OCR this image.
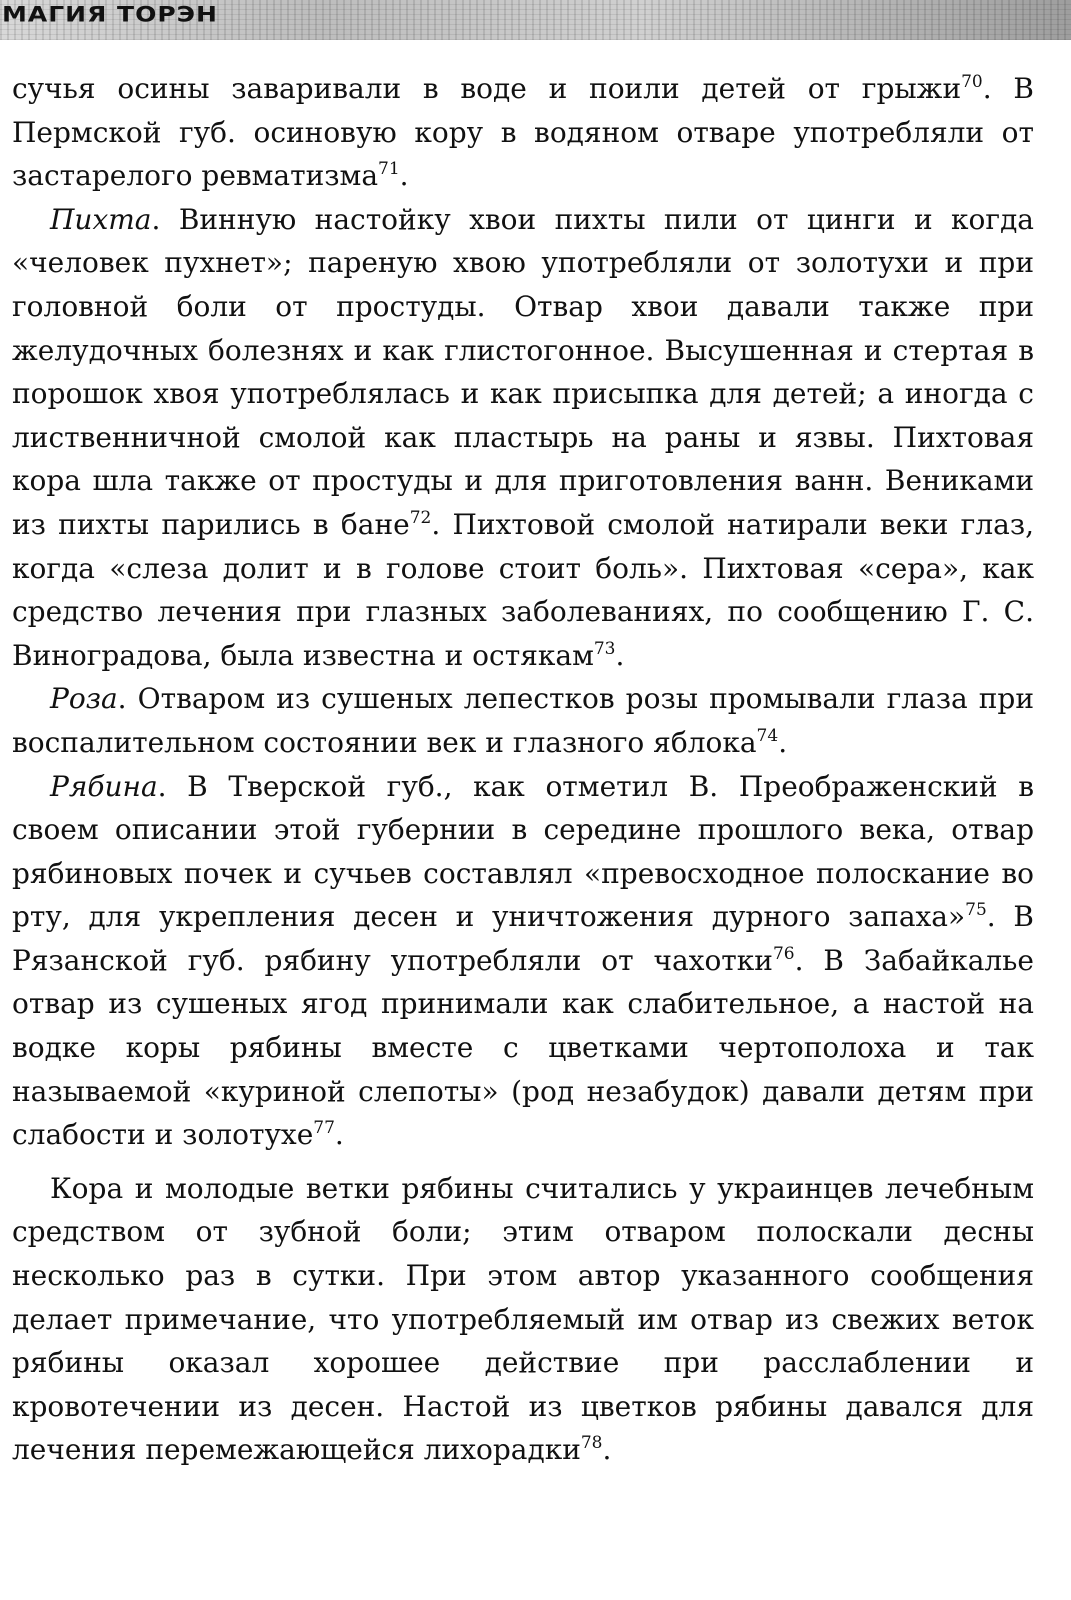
МАГИЯ ТОРЭН

сучья осины заваривали в воде и поили детей от грыжи$^{70}$. В Пермской губ. осиновую кору в водяном отваре употребляли от застарелого ревматизма$^{71}$.

Пихта. Винную настойку хвои пихты пили от цинги и когда «человек пухнет»; пареную хвою употребляли от золотухи и при головной боли от простуды. Отвар хвои давали также при желудочных болезнях и как глистогонное. Высушенная и стертая в порошок хвоя употреблялась и как присыпка для детей; а иногда с лиственничной смолой как пластырь на раны и язвы. Пихтовая кора шла также от простуды и для приготовления ванн. Вениками из пихты парились в бане$^{72}$. Пихтовой смолой натирали веки глаз, когда «слеза долит и в голове стоит боль». Пихтовая «сера», как средство лечения при глазных заболеваниях, по сообщению Г. С. Виноградова, была известна и остякам$^{73}$.

Роза. Отваром из сушеных лепестков розы промывали глаза при воспалительном состоянии век и глазного яблока$^{74}$.

Рябина. В Тверской губ., как отметил В. Преображенский в своем описании этой губернии в середине прошлого века, отвар рябиновых почек и сучьев составлял «превосходное полоскание во рту, для укрепления десен и уничтожения дурного запаха»$^{75}$. В Рязанской губ. рябину употребляли от чахотки$^{76}$. В Забайкалье отвар из сушеных ягод принимали как слабительное, а настой на водке коры рябины вместе с цветками чертополоха и так называемой «куриной слепоты» (род незабудок) давали детям при слабости и золотухе$^{77}$.

Кора и молодые ветки рябины считались у украинцев лечебным средством от зубной боли; этим отваром полоскали десны несколько раз в сутки. При этом автор указанного сообщения делает примечание, что употребляемый им отвар из свежих веток рябины оказал хорошее действие при расслаблении и кровотечении из десен. Настой из цветков рябины давался для лечения перемежающейся лихорадки$^{78}$.
